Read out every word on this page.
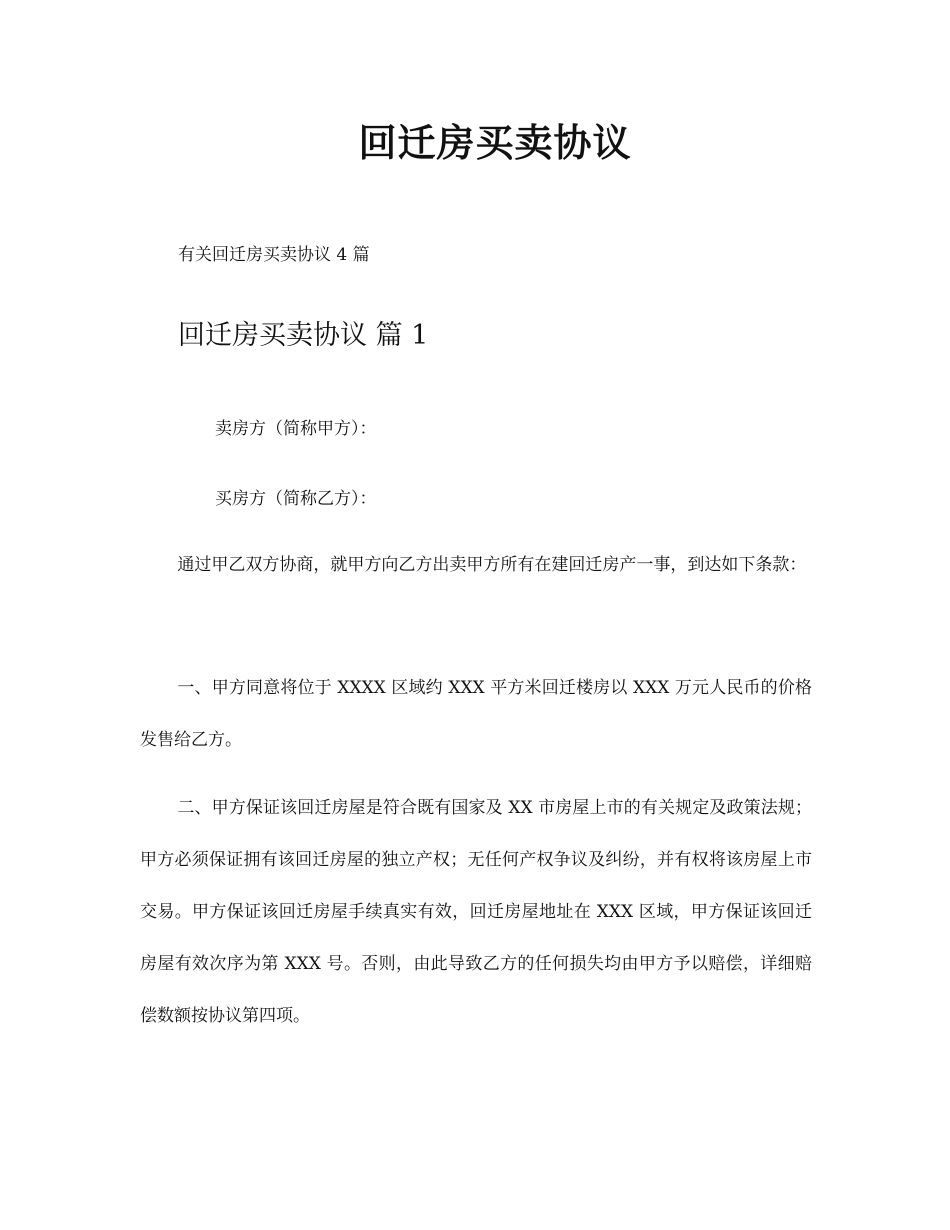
回迁房买卖协议

有关回迁房买卖协议 4 篇

回迁房买卖协议 篇 1

卖房方（简称甲方）：

买房方（简称乙方）：

通过甲乙双方协商，就甲方向乙方出卖甲方所有在建回迁房产一事，到达如下条款：

一、甲方同意将位于 XXXX 区域约 XXX 平方米回迁楼房以 XXX 万元人民币的价格发售给乙方。

二、甲方保证该回迁房屋是符合既有国家及 XX 市房屋上市的有关规定及政策法规；甲方必须保证拥有该回迁房屋的独立产权；无任何产权争议及纠纷，并有权将该房屋上市交易。甲方保证该回迁房屋手续真实有效，回迁房屋地址在 XXX 区域，甲方保证该回迁房屋有效次序为第 XXX 号。否则，由此导致乙方的任何损失均由甲方予以赔偿，详细赔偿数额按协议第四项。
